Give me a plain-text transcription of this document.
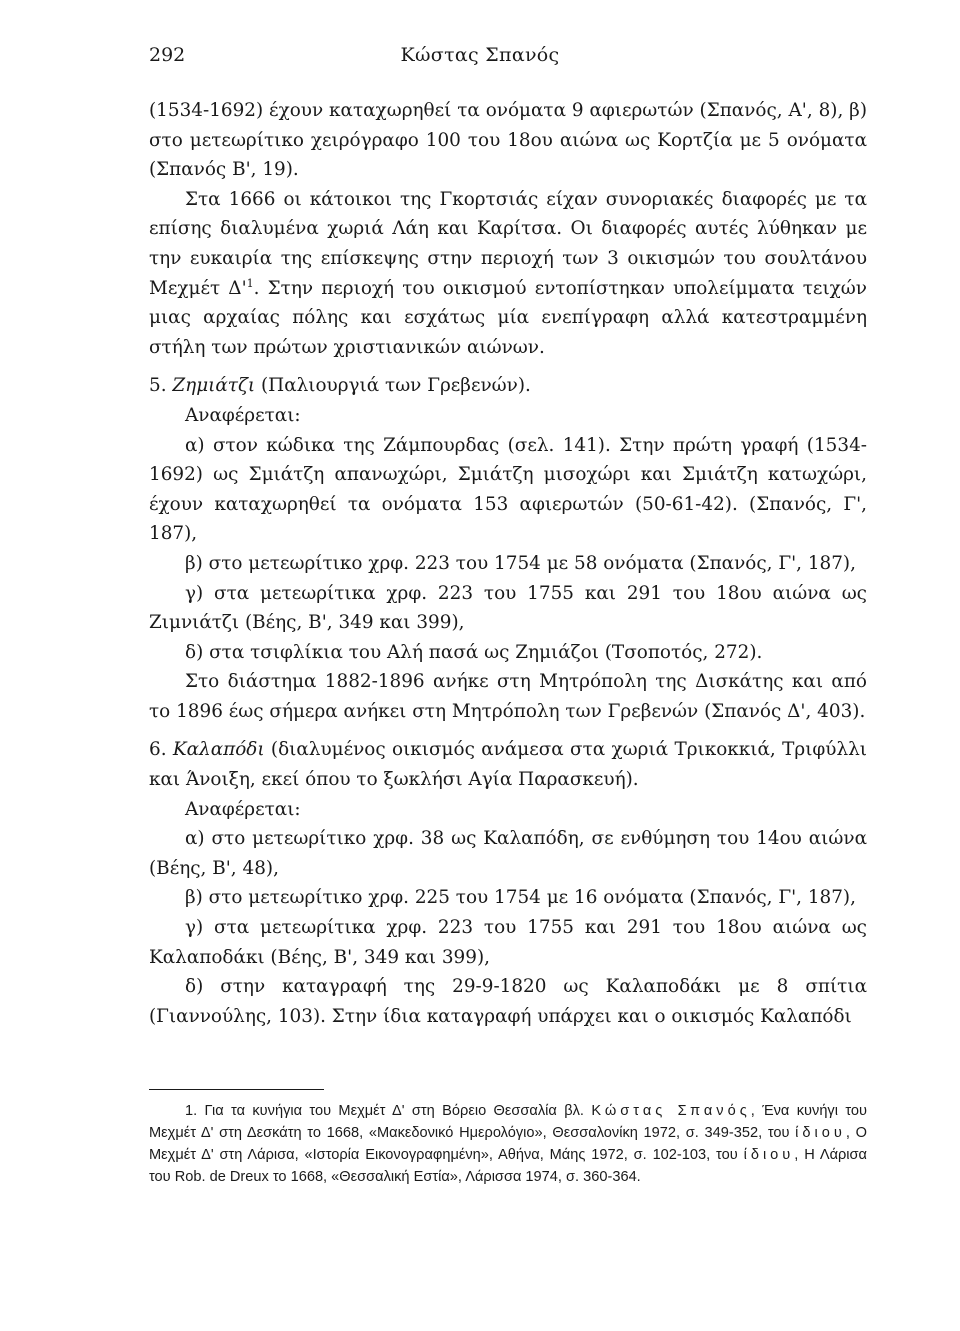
292	Κώστας Σπανός

(1534-1692) έχουν καταχωρηθεί τα ονόματα 9 αφιερωτών (Σπανός, Α', 8), β) στο μετεωρίτικο χειρόγραφο 100 του 18ου αιώνα ως Κορτζία με 5 ονόματα (Σπανός Β', 19).

Στα 1666 οι κάτοικοι της Γκορτσιάς είχαν συνοριακές διαφορές με τα επίσης διαλυμένα χωριά Λάη και Καρίτσα. Οι διαφορές αυτές λύθηκαν με την ευκαιρία της επίσκεψης στην περιοχή των 3 οικισμών του σουλτάνου Μεχμέτ $\Delta'^1$. Στην περιοχή του οικισμού εντοπίστηκαν υπολείμματα τειχών μιας αρχαίας πόλης και εσχάτως μία ενεπίγραφη αλλά κατεστραμμένη στήλη των πρώτων χριστιανικών αιώνων.

5. Ζημιάτζι (Παλιουργιά των Γρεβενών).

Αναφέρεται:

α) στον κώδικα της Ζάμπουρδας (σελ. 141). Στην πρώτη γραφή (1534-1692) ως Σμιάτζη απανωχώρι, Σμιάτζη μισοχώρι και Σμιάτζη κατωχώρι, έχουν καταχωρηθεί τα ονόματα 153 αφιερωτών (50-61-42). (Σπανός, Γ', 187),

β) στο μετεωρίτικο χρφ. 223 του 1754 με 58 ονόματα (Σπανός, Γ', 187),

γ) στα μετεωρίτικα χρφ. 223 του 1755 και 291 του 18ου αιώνα ως Ζιμνιάτζι (Βέης, Β', 349 και 399),

δ) στα τσιφλίκια του Αλή πασά ως Ζημιάζοι (Τσοποτός, 272).

Στο διάστημα 1882-1896 ανήκε στη Μητρόπολη της Δισκάτης και από το 1896 έως σήμερα ανήκει στη Μητρόπολη των Γρεβενών (Σπανός Δ', 403).

6. Καλαπόδι (διαλυμένος οικισμός ανάμεσα στα χωριά Τρικοκκιά, Τριφύλλι και Άνοιξη, εκεί όπου το ξωκλήσι Αγία Παρασκευή).

Αναφέρεται:

α) στο μετεωρίτικο χρφ. 38 ως Καλαπόδη, σε ενθύμηση του 14ου αιώνα (Βέης, Β', 48),

β) στο μετεωρίτικο χρφ. 225 του 1754 με 16 ονόματα (Σπανός, Γ', 187),

γ) στα μετεωρίτικα χρφ. 223 του 1755 και 291 του 18ου αιώνα ως Καλαποδάκι (Βέης, Β', 349 και 399),

δ) στην καταγραφή της 29-9-1820 ως Καλαποδάκι με 8 σπίτια (Γιαννούλης, 103). Στην ίδια καταγραφή υπάρχει και ο οικισμός Καλαπόδι

1. Για τα κυνήγια του Μεχμέτ Δ' στη Βόρειο Θεσσαλία βλ. Κώστας Σπανός, Ένα κυνήγι του Μεχμέτ Δ' στη Δεσκάτη το 1668, «Μακεδονικό Ημερολόγιο», Θεσσαλονίκη 1972, σ. 349-352, του ίδιου, Ο Μεχμέτ Δ' στη Λάρισα, «Ιστορία Εικονογραφημένη», Αθήνα, Μάης 1972, σ. 102-103, του ίδιου, Η Λάρισα του Rob. de Dreux το 1668, «Θεσσαλική Εστία», Λάρισσα 1974, σ. 360-364.
